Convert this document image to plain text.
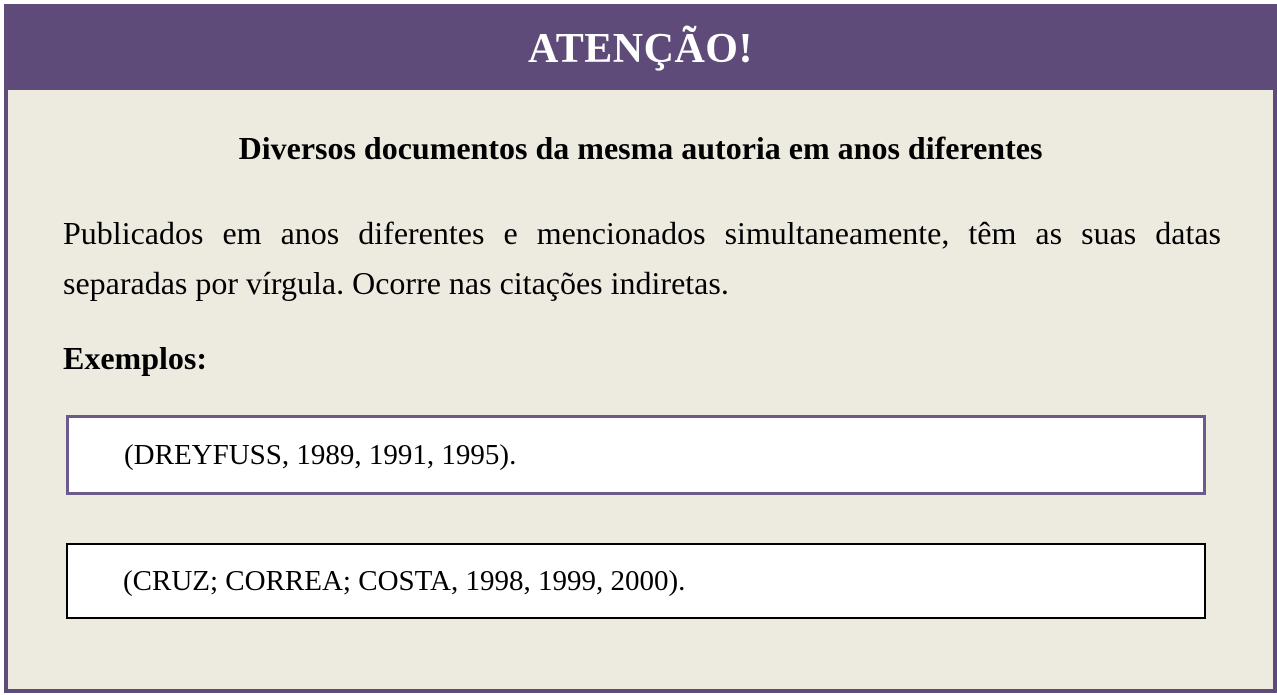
ATENÇÃO!
Diversos documentos da mesma autoria em anos diferentes
Publicados em anos diferentes e mencionados simultaneamente, têm as suas datas separadas por vírgula. Ocorre nas citações indiretas.
Exemplos:
(DREYFUSS, 1989, 1991, 1995).
(CRUZ; CORREA; COSTA, 1998, 1999, 2000).
